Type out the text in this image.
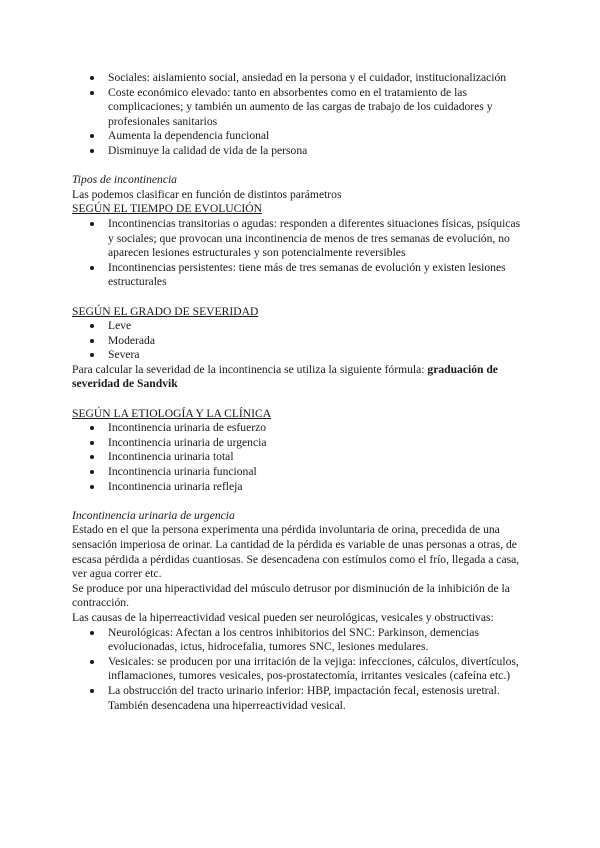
Sociales: aislamiento social, ansiedad en la persona y el cuidador, institucionalización
Coste económico elevado: tanto en absorbentes como en el tratamiento de las complicaciones; y también un aumento de las cargas de trabajo de los cuidadores y profesionales sanitarios
Aumenta la dependencia funcional
Disminuye la calidad de vida de la persona

Tipos de incontinencia

Las podemos clasificar en función de distintos parámetros

SEGÚN EL TIEMPO DE EVOLUCIÓN

Incontinencias transitorias o agudas: responden a diferentes situaciones físicas, psíquicas y sociales; que provocan una incontinencia de menos de tres semanas de evolución, no aparecen lesiones estructurales y son potencialmente reversibles
Incontinencias persistentes: tiene más de tres semanas de evolución y existen lesiones estructurales

SEGÚN EL GRADO DE SEVERIDAD

Leve
Moderada
Severa

Para calcular la severidad de la incontinencia se utiliza la siguiente fórmula: graduación de severidad de Sandvik

SEGÚN LA ETIOLOGÍA Y LA CLÍNICA

Incontinencia urinaria de esfuerzo
Incontinencia urinaria de urgencia
Incontinencia urinaria total
Incontinencia urinaria funcional
Incontinencia urinaria refleja

Incontinencia urinaria de urgencia

Estado en el que la persona experimenta una pérdida involuntaria de orina, precedida de una sensación imperiosa de orinar. La cantidad de la pérdida es variable de unas personas a otras, de escasa pérdida a pérdidas cuantiosas. Se desencadena con estímulos como el frío, llegada a casa, ver agua correr etc.

Se produce por una hiperactividad del músculo detrusor por disminución de la inhibición de la contracción.

Las causas de la hiperreactividad vesical pueden ser neurológicas, vesicales y obstructivas:

Neurológicas: Afectan a los centros inhibitorios del SNC: Parkinson, demencias evolucionadas, ictus, hidrocefalia, tumores SNC, lesiones medulares.
Vesicales: se producen por una irritación de la vejiga: infecciones, cálculos, divertículos, inflamaciones, tumores vesicales, pos-prostatectomía, irritantes vesicales (cafeína etc.)
La obstrucción del tracto urinario inferior: HBP, impactación fecal, estenosis uretral. También desencadena una hiperreactividad vesical.
